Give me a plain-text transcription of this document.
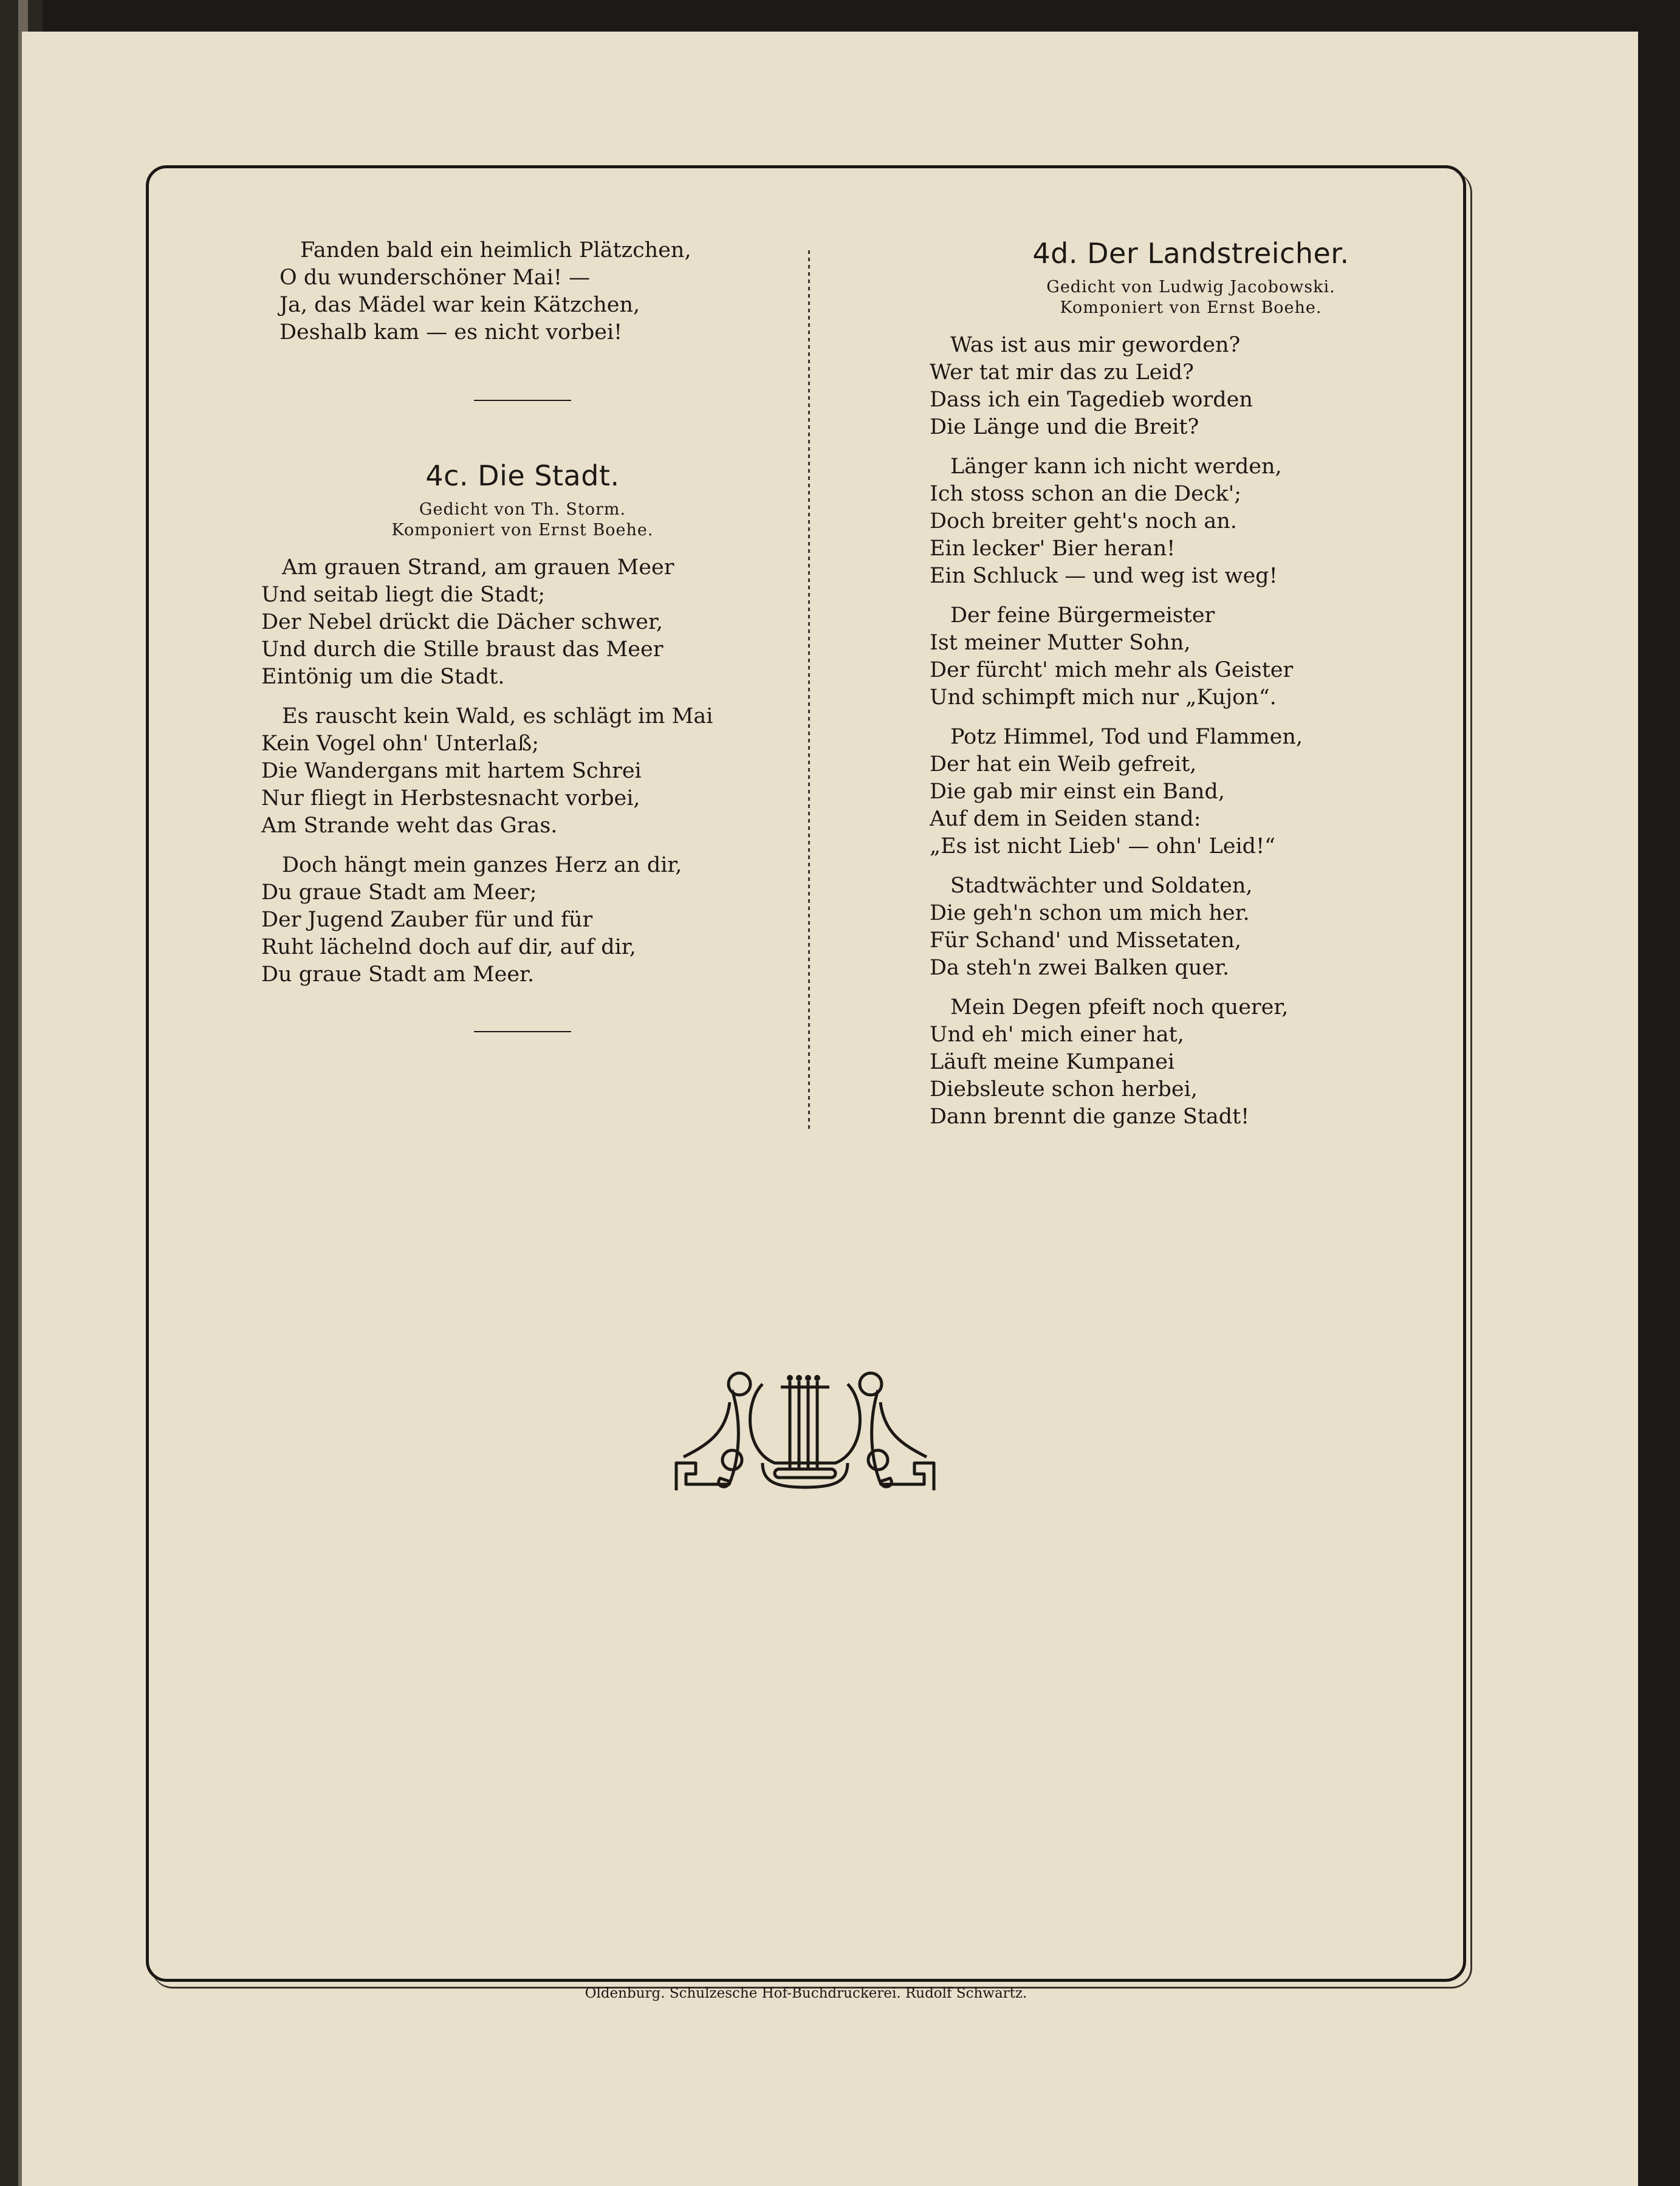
Fanden bald ein heimlich Plätzchen,
O du wunderschöner Mai! —
Ja, das Mädel war kein Kätzchen,
Deshalb kam — es nicht vorbei!
4c. Die Stadt.

Gedicht von Th. Storm.

Komponiert von Ernst Boehe.

Am grauen Strand, am grauen Meer
Und seitab liegt die Stadt;
Der Nebel drückt die Dächer schwer,
Und durch die Stille braust das Meer
Eintönig um die Stadt.
Es rauscht kein Wald, es schlägt im Mai
Kein Vogel ohn' Unterlaß;
Die Wandergans mit hartem Schrei
Nur fliegt in Herbstesnacht vorbei,
Am Strande weht das Gras.
Doch hängt mein ganzes Herz an dir,
Du graue Stadt am Meer;
Der Jugend Zauber für und für
Ruht lächelnd doch auf dir, auf dir,
Du graue Stadt am Meer.
4d. Der Landstreicher.

Gedicht von Ludwig Jacobowski.

Komponiert von Ernst Boehe.

Was ist aus mir geworden?
Wer tat mir das zu Leid?
Dass ich ein Tagedieb worden
Die Länge und die Breit?
Länger kann ich nicht werden,
Ich stoss schon an die Deck';
Doch breiter geht's noch an.
Ein lecker' Bier heran!
Ein Schluck — und weg ist weg!
Der feine Bürgermeister
Ist meiner Mutter Sohn,
Der fürcht' mich mehr als Geister
Und schimpft mich nur „Kujon“.
Potz Himmel, Tod und Flammen,
Der hat ein Weib gefreit,
Die gab mir einst ein Band,
Auf dem in Seiden stand:
„Es ist nicht Lieb' — ohn' Leid!“
Stadtwächter und Soldaten,
Die geh'n schon um mich her.
Für Schand' und Missetaten,
Da steh'n zwei Balken quer.
Mein Degen pfeift noch querer,
Und eh' mich einer hat,
Läuft meine Kumpanei
Diebsleute schon herbei,
Dann brennt die ganze Stadt!
Oldenburg. Schulzesche Hof-Buchdruckerei. Rudolf Schwartz.
